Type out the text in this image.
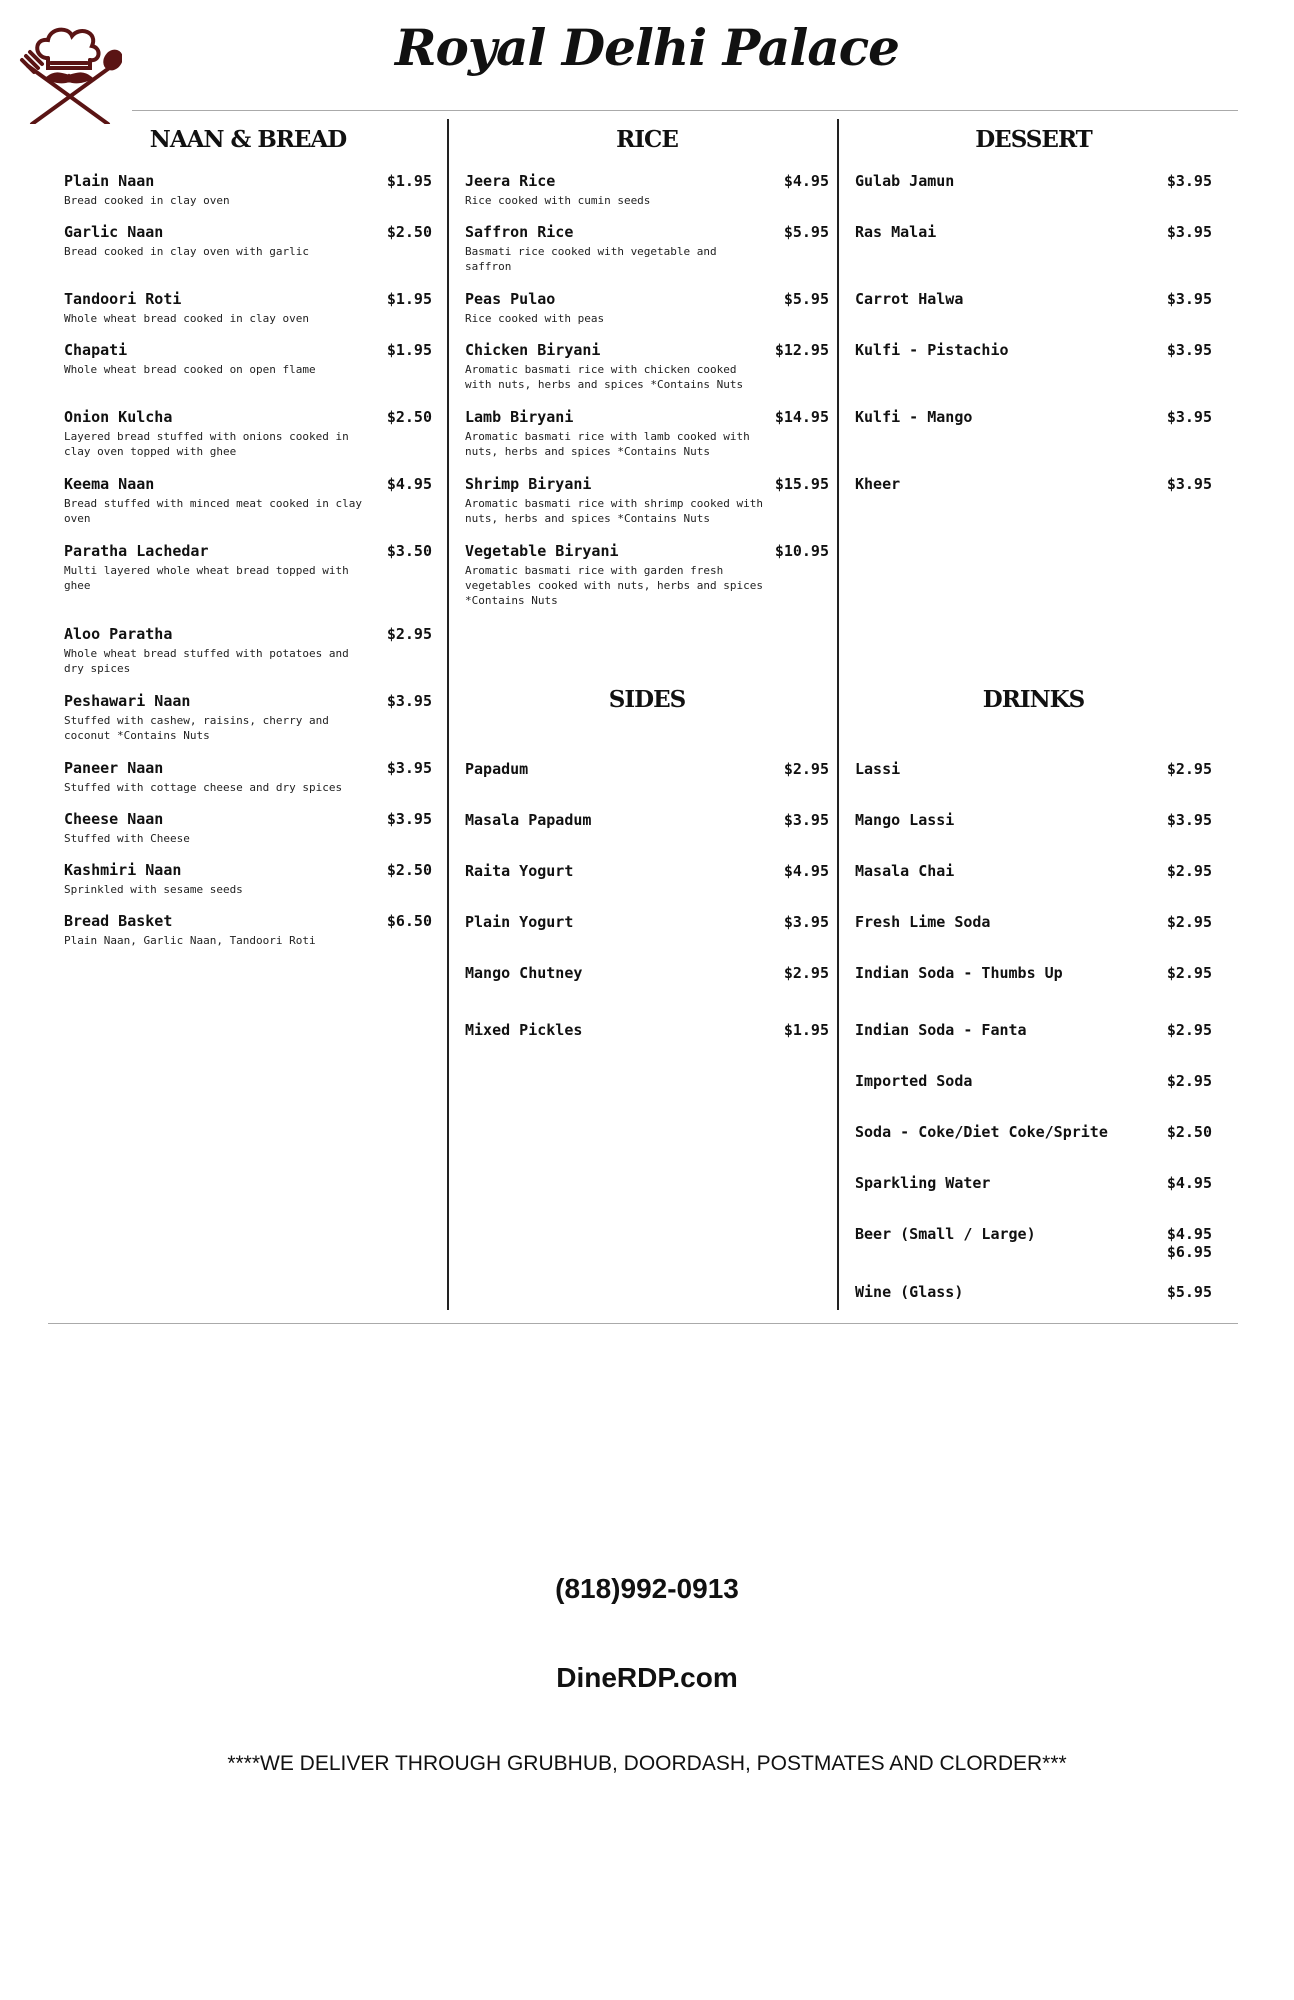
Royal Delhi Palace
NAAN & BREAD
Plain Naan	$1.95
Bread cooked in clay oven
Garlic Naan	$2.50
Bread cooked in clay oven with garlic
Tandoori Roti	$1.95
Whole wheat bread cooked in clay oven
Chapati	$1.95
Whole wheat bread cooked on open flame
Onion Kulcha	$2.50
Layered bread stuffed with onions cooked in clay oven topped with ghee
Keema Naan	$4.95
Bread stuffed with minced meat cooked in clay oven
Paratha Lachedar	$3.50
Multi layered whole wheat bread topped with ghee
Aloo Paratha	$2.95
Whole wheat bread stuffed with potatoes and dry spices
Peshawari Naan	$3.95
Stuffed with cashew, raisins, cherry and coconut *Contains Nuts
Paneer Naan	$3.95
Stuffed with cottage cheese and dry spices
Cheese Naan	$3.95
Stuffed with Cheese
Kashmiri Naan	$2.50
Sprinkled with sesame seeds
Bread Basket	$6.50
Plain Naan, Garlic Naan, Tandoori Roti
RICE
Jeera Rice	$4.95
Rice cooked with cumin seeds
Saffron Rice	$5.95
Basmati rice cooked with vegetable and saffron
Peas Pulao	$5.95
Rice cooked with peas
Chicken Biryani	$12.95
Aromatic basmati rice with chicken cooked with nuts, herbs and spices *Contains Nuts
Lamb Biryani	$14.95
Aromatic basmati rice with lamb cooked with nuts, herbs and spices *Contains Nuts
Shrimp Biryani	$15.95
Aromatic basmati rice with shrimp cooked with nuts, herbs and spices *Contains Nuts
Vegetable Biryani	$10.95
Aromatic basmati rice with garden fresh vegetables cooked with nuts, herbs and spices *Contains Nuts
DESSERT
Gulab Jamun	$3.95
Ras Malai	$3.95
Carrot Halwa	$3.95
Kulfi - Pistachio	$3.95
Kulfi - Mango	$3.95
Kheer	$3.95
SIDES
Papadum	$2.95
Masala Papadum	$3.95
Raita Yogurt	$4.95
Plain Yogurt	$3.95
Mango Chutney	$2.95
Mixed Pickles	$1.95
DRINKS
Lassi	$2.95
Mango Lassi	$3.95
Masala Chai	$2.95
Fresh Lime Soda	$2.95
Indian Soda - Thumbs Up	$2.95
Indian Soda - Fanta	$2.95
Imported Soda	$2.95
Soda - Coke/Diet Coke/Sprite	$2.50
Sparkling Water	$4.95
Beer (Small / Large)	$4.95
$6.95
Wine (Glass)	$5.95
(818)992-0913
DineRDP.com
****WE DELIVER THROUGH GRUBHUB, DOORDASH, POSTMATES AND CLORDER***
